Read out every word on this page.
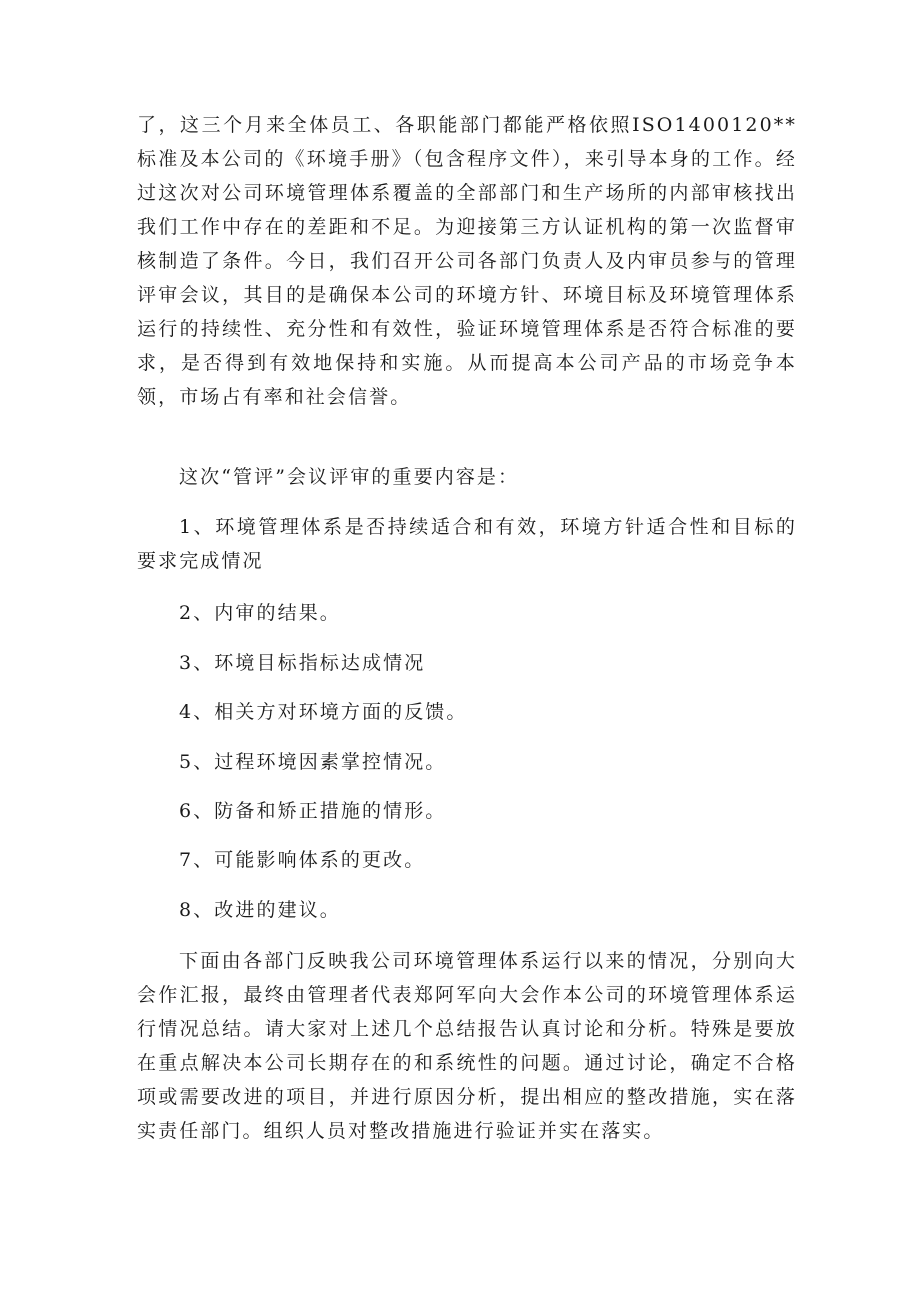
了，这三个月来全体员工、各职能部门都能严格依照ISO1400120**标准及本公司的《环境手册》（包含程序文件），来引导本身的工作。经过这次对公司环境管理体系覆盖的全部部门和生产场所的内部审核找出我们工作中存在的差距和不足。为迎接第三方认证机构的第一次监督审核制造了条件。今日，我们召开公司各部门负责人及内审员参与的管理评审会议，其目的是确保本公司的环境方针、环境目标及环境管理体系运行的持续性、充分性和有效性，验证环境管理体系是否符合标准的要求，是否得到有效地保持和实施。从而提高本公司产品的市场竞争本领，市场占有率和社会信誉。

这次“管评”会议评审的重要内容是：

1、环境管理体系是否持续适合和有效，环境方针适合性和目标的要求完成情况

2、内审的结果。

3、环境目标指标达成情况

4、相关方对环境方面的反馈。

5、过程环境因素掌控情况。

6、防备和矫正措施的情形。

7、可能影响体系的更改。

8、改进的建议。

下面由各部门反映我公司环境管理体系运行以来的情况，分别向大会作汇报，最终由管理者代表郑阿军向大会作本公司的环境管理体系运行情况总结。请大家对上述几个总结报告认真讨论和分析。特殊是要放在重点解决本公司长期存在的和系统性的问题。通过讨论，确定不合格项或需要改进的项目，并进行原因分析，提出相应的整改措施，实在落实责任部门。组织人员对整改措施进行验证并实在落实。
